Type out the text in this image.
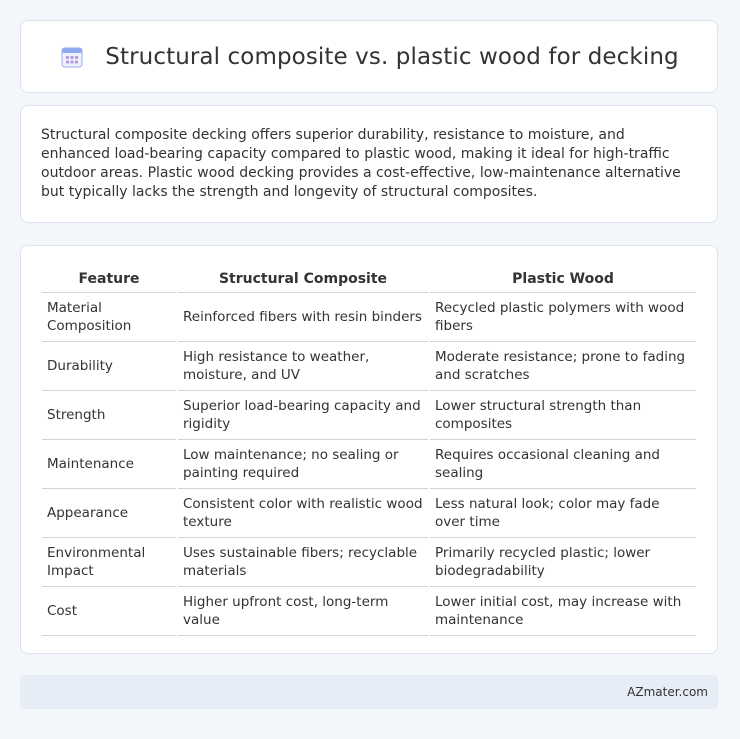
Structural composite vs. plastic wood for decking

Structural composite decking offers superior durability, resistance to moisture, and enhanced load-bearing capacity compared to plastic wood, making it ideal for high-traffic outdoor areas. Plastic wood decking provides a cost-effective, low-maintenance alternative but typically lacks the strength and longevity of structural composites.

Feature	Structural Composite	Plastic Wood
Material Composition	Reinforced fibers with resin binders	Recycled plastic polymers with wood fibers
Durability	High resistance to weather, moisture, and UV	Moderate resistance; prone to fading and scratches
Strength	Superior load-bearing capacity and rigidity	Lower structural strength than composites
Maintenance	Low maintenance; no sealing or painting required	Requires occasional cleaning and sealing
Appearance	Consistent color with realistic wood texture	Less natural look; color may fade over time
Environmental Impact	Uses sustainable fibers; recyclable materials	Primarily recycled plastic; lower biodegradability
Cost	Higher upfront cost, long-term value	Lower initial cost, may increase with maintenance
AZmater.com
